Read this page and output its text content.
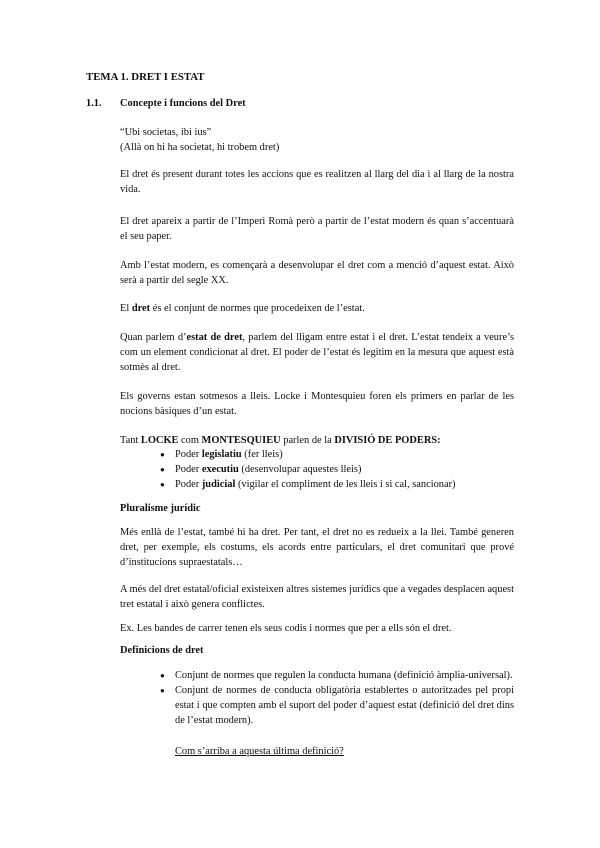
TEMA 1. DRET I ESTAT
1.1. Concepte i funcions del Dret
“Ubi societas, ibi ius”
(Allà on hi ha societat, hi trobem dret)
El dret és present durant totes les accions que es realitzen al llarg del dia i al llarg de la nostra vida.
El dret apareix a partir de l’Imperi Romà però a partir de l’estat modern és quan s’accentuarà el seu paper.
Amb l’estat modern, es començarà a desenvolupar el dret com a menció d’aquest estat. Això serà a partir del segle XX.
El dret és el conjunt de normes que procedeixen de l’estat.
Quan parlem d’estat de dret, parlem del lligam entre estat i el dret. L’estat tendeix a veure’s com un element condicionat al dret. El poder de l’estat és legítim en la mesura que aquest està sotmès al dret.
Els governs estan sotmesos a lleis. Locke i Montesquieu foren els primers en parlar de les nocions bàsiques d’un estat.
Tant LOCKE com MONTESQUIEU parlen de la DIVISIÓ DE PODERS:
● Poder legislatiu (fer lleis)
● Poder executiu (desenvolupar aquestes lleis)
● Poder judicial (vigilar el compliment de les lleis i si cal, sancionar)
Pluralisme jurídic
Més enllà de l’estat, també hi ha dret. Per tant, el dret no es redueix a la llei. També generen dret, per exemple, els costums, els acords entre particulars, el dret comunitari que prové d’institucions supraestatals…
A més del dret estatal/oficial existeixen altres sistemes jurídics que a vegades desplacen aquest tret estatal i això genera conflictes.
Ex. Les bandes de carrer tenen els seus codis i normes que per a ells són el dret.
Definicions de dret
● Conjunt de normes que regulen la conducta humana (definició àmplia-universal).
● Conjunt de normes de conducta obligatòria establertes o autoritzades pel propi estat i que compten amb el suport del poder d’aquest estat (definició del dret dins de l’estat modern).
Com s’arriba a aquesta última definició?
